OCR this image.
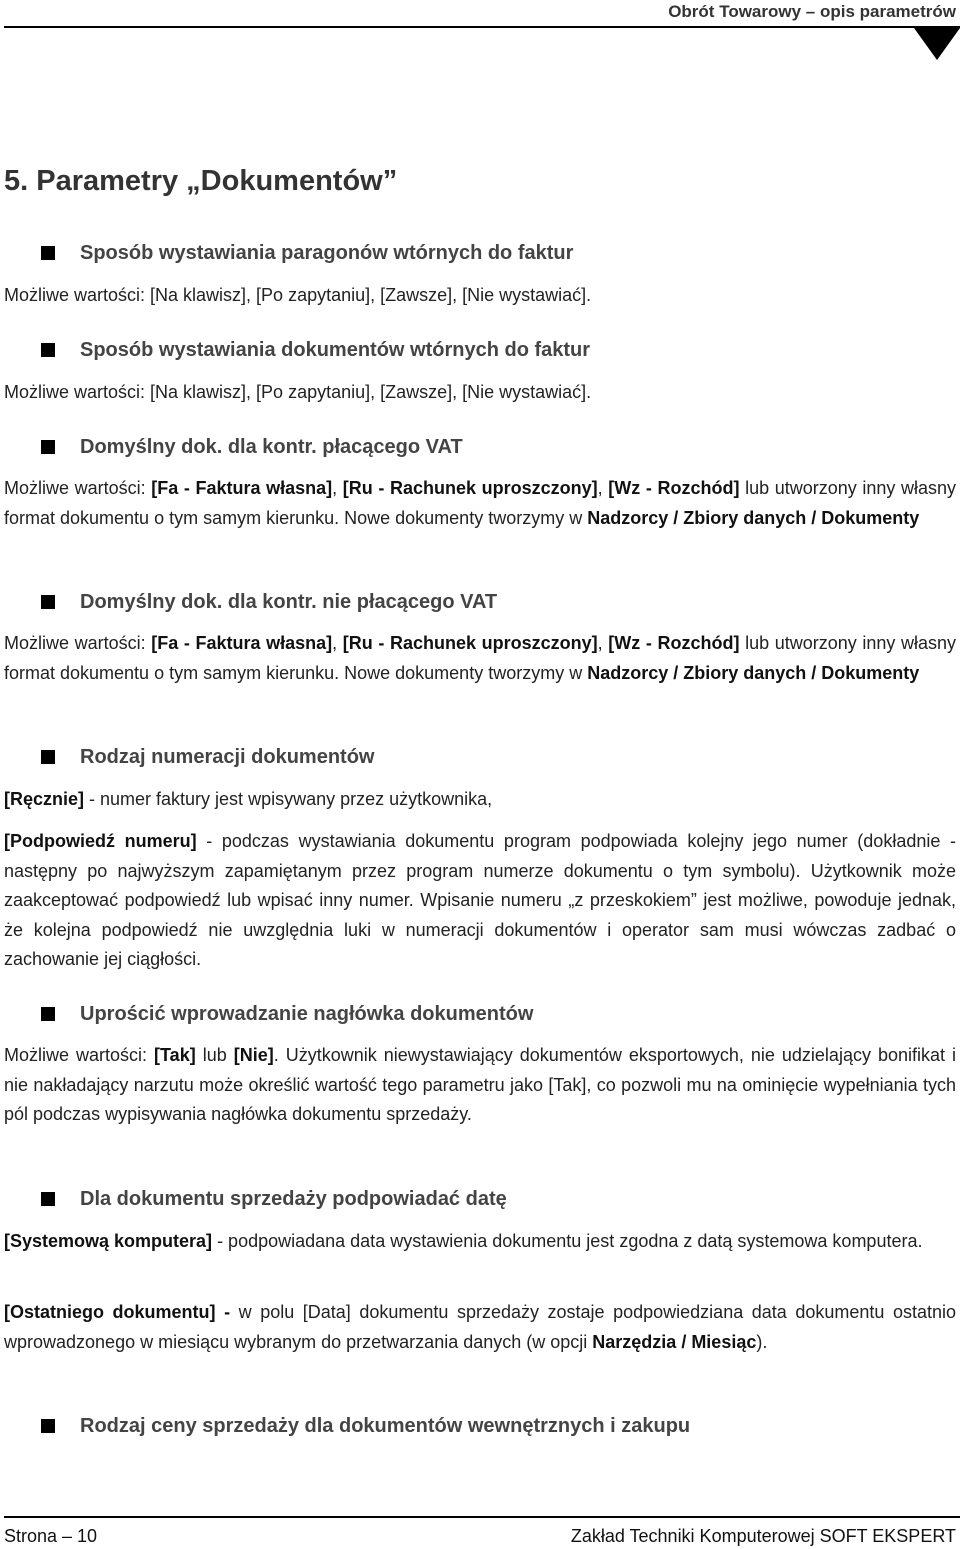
Obrót Towarowy – opis parametrów
5. Parametry „Dokumentów”
Sposób wystawiania paragonów wtórnych do faktur

Możliwe wartości: [Na klawisz], [Po zapytaniu], [Zawsze], [Nie wystawiać].

Sposób wystawiania dokumentów wtórnych do faktur

Możliwe wartości: [Na klawisz], [Po zapytaniu], [Zawsze], [Nie wystawiać].

Domyślny dok. dla kontr. płacącego VAT

Możliwe wartości: [Fa - Faktura własna], [Ru - Rachunek uproszczony], [Wz - Rozchód] lub utworzony inny własny format dokumentu o tym samym kierunku. Nowe dokumenty tworzymy w Nadzorcy / Zbiory danych / Dokumenty

Domyślny dok. dla kontr. nie płacącego VAT

Możliwe wartości: [Fa - Faktura własna], [Ru - Rachunek uproszczony], [Wz - Rozchód] lub utworzony inny własny format dokumentu o tym samym kierunku. Nowe dokumenty tworzymy w Nadzorcy / Zbiory danych / Dokumenty

Rodzaj numeracji dokumentów

[Ręcznie] - numer faktury jest wpisywany przez użytkownika,

[Podpowiedź numeru] - podczas wystawiania dokumentu program podpowiada kolejny jego numer (dokładnie - następny po najwyższym zapamiętanym przez program numerze dokumentu o tym symbolu). Użytkownik może zaakceptować podpowiedź lub wpisać inny numer. Wpisanie numeru „z przeskokiem” jest możliwe, powoduje jednak, że kolejna podpowiedź nie uwzględnia luki w numeracji dokumentów i operator sam musi wówczas zadbać o zachowanie jej ciągłości.

Uprościć wprowadzanie nagłówka dokumentów

Możliwe wartości: [Tak] lub [Nie]. Użytkownik niewystawiający dokumentów eksportowych, nie udzielający bonifikat i nie nakładający narzutu może określić wartość tego parametru jako [Tak], co pozwoli mu na ominięcie wypełniania tych pól podczas wypisywania nagłówka dokumentu sprzedaży.

Dla dokumentu sprzedaży podpowiadać datę

[Systemową komputera] - podpowiadana data wystawienia dokumentu jest zgodna z datą systemowa komputera.

[Ostatniego dokumentu] - w polu [Data] dokumentu sprzedaży zostaje podpowiedziana data dokumentu ostatnio wprowadzonego w miesiącu wybranym do przetwarzania danych (w opcji Narzędzia / Miesiąc).

Rodzaj ceny sprzedaży dla dokumentów wewnętrznych i zakupu
Strona – 10	Zakład Techniki Komputerowej SOFT EKSPERT
